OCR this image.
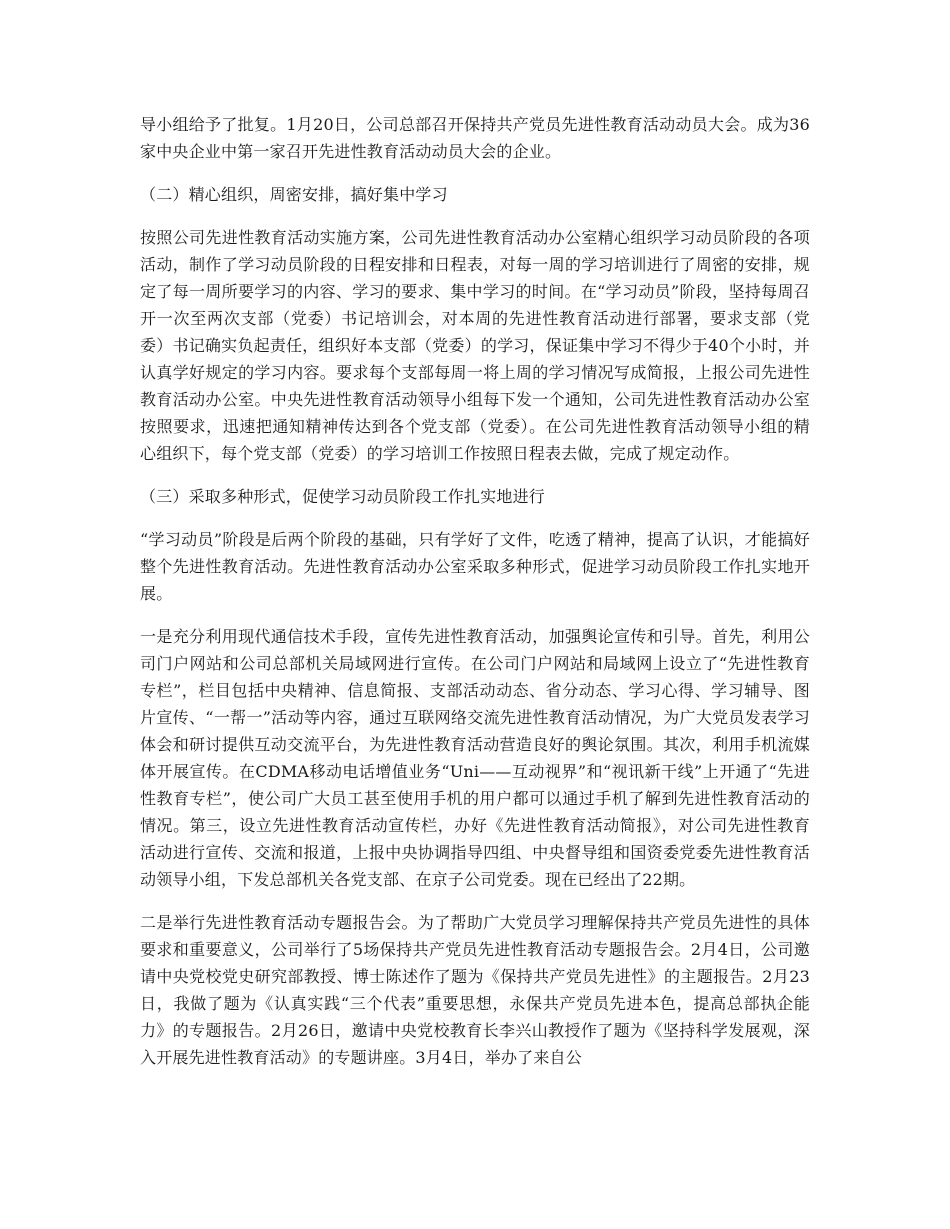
导小组给予了批复。1月20日，公司总部召开保持共产党员先进性教育活动动员大会。成为36家中央企业中第一家召开先进性教育活动动员大会的企业。

（二）精心组织，周密安排，搞好集中学习

按照公司先进性教育活动实施方案，公司先进性教育活动办公室精心组织学习动员阶段的各项活动，制作了学习动员阶段的日程安排和日程表，对每一周的学习培训进行了周密的安排，规定了每一周所要学习的内容、学习的要求、集中学习的时间。在“学习动员”阶段，坚持每周召开一次至两次支部（党委）书记培训会，对本周的先进性教育活动进行部署，要求支部（党委）书记确实负起责任，组织好本支部（党委）的学习，保证集中学习不得少于40个小时，并认真学好规定的学习内容。要求每个支部每周一将上周的学习情况写成简报，上报公司先进性教育活动办公室。中央先进性教育活动领导小组每下发一个通知，公司先进性教育活动办公室按照要求，迅速把通知精神传达到各个党支部（党委）。在公司先进性教育活动领导小组的精心组织下，每个党支部（党委）的学习培训工作按照日程表去做，完成了规定动作。

（三）采取多种形式，促使学习动员阶段工作扎实地进行

“学习动员”阶段是后两个阶段的基础，只有学好了文件，吃透了精神，提高了认识，才能搞好整个先进性教育活动。先进性教育活动办公室采取多种形式，促进学习动员阶段工作扎实地开展。

一是充分利用现代通信技术手段，宣传先进性教育活动，加强舆论宣传和引导。首先，利用公司门户网站和公司总部机关局域网进行宣传。在公司门户网站和局域网上设立了“先进性教育专栏”，栏目包括中央精神、信息简报、支部活动动态、省分动态、学习心得、学习辅导、图片宣传、“一帮一”活动等内容，通过互联网络交流先进性教育活动情况，为广大党员发表学习体会和研讨提供互动交流平台，为先进性教育活动营造良好的舆论氛围。其次，利用手机流媒体开展宣传。在CDMA移动电话增值业务“Uni——互动视界”和“视讯新干线”上开通了“先进性教育专栏”，使公司广大员工甚至使用手机的用户都可以通过手机了解到先进性教育活动的情况。第三，设立先进性教育活动宣传栏，办好《先进性教育活动简报》，对公司先进性教育活动进行宣传、交流和报道，上报中央协调指导四组、中央督导组和国资委党委先进性教育活动领导小组，下发总部机关各党支部、在京子公司党委。现在已经出了22期。

二是举行先进性教育活动专题报告会。为了帮助广大党员学习理解保持共产党员先进性的具体要求和重要意义，公司举行了5场保持共产党员先进性教育活动专题报告会。2月4日，公司邀请中央党校党史研究部教授、博士陈述作了题为《保持共产党员先进性》的主题报告。2月23日，我做了题为《认真实践“三个代表”重要思想，永保共产党员先进本色，提高总部执企能力》的专题报告。2月26日，邀请中央党校教育长李兴山教授作了题为《坚持科学发展观，深入开展先进性教育活动》的专题讲座。3月4日，举办了来自公
